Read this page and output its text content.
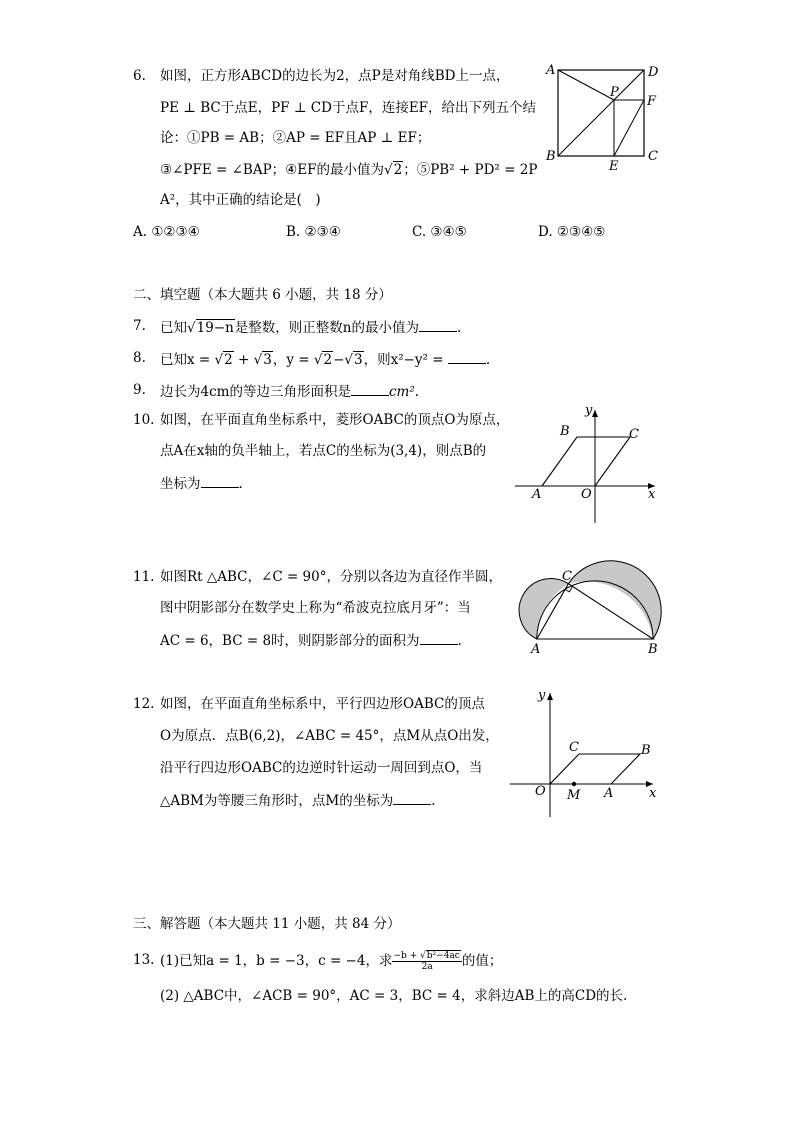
6. 如图，正方形ABCD的边长为2，点P是对角线BD上一点，
PE ⊥ BC于点E，PF ⊥ CD于点F，连接EF，给出下列五个结
论：①PB = AB；②AP = EF且AP ⊥ EF；
③∠PFE = ∠BAP；④EF的最小值为√2；⑤PB² + PD² = 2P
A²，其中正确的结论是(　)
A. ①②③④	B. ②③④	C. ③④⑤	D. ②③④⑤
A	D
B	C
P
F
E
二、填空题（本大题共 6 小题，共 18 分）
7. 已知√19−n是整数，则正整数n的最小值为	.
8. 已知x = √2 + √3，y = √2−√3，则x²−y² =	.
9. 边长为4cm的等边三角形面积是	cm².
10. 如图，在平面直角坐标系中，菱形OABC的顶点O为原点，
点A在x轴的负半轴上，若点C的坐标为(3,4)，则点B的
坐标为	.
y
B	C
A	O	x
11. 如图Rt △ABC，∠C = 90°，分别以各边为直径作半圆，
图中阴影部分在数学史上称为“希波克拉底月牙”：当
AC = 6，BC = 8时，则阴影部分的面积为	.
C
A	B
12. 如图，在平面直角坐标系中，平行四边形OABC的顶点
O为原点．点B(6,2)，∠ABC = 45°，点M从点O出发，
沿平行四边形OABC的边逆时针运动一周回到点O，当
△ABM为等腰三角形时，点M的坐标为	.
y
C	B
O M A	x
三、解答题（本大题共 11 小题，共 84 分）
13. (1)已知a = 1，b = −3，c = −4，求 $\frac{\text{−b + √b²−4ac}}{2a}$ 的值；
(2) △ABC中，∠ACB = 90°，AC = 3，BC = 4，求斜边AB上的高CD的长.
